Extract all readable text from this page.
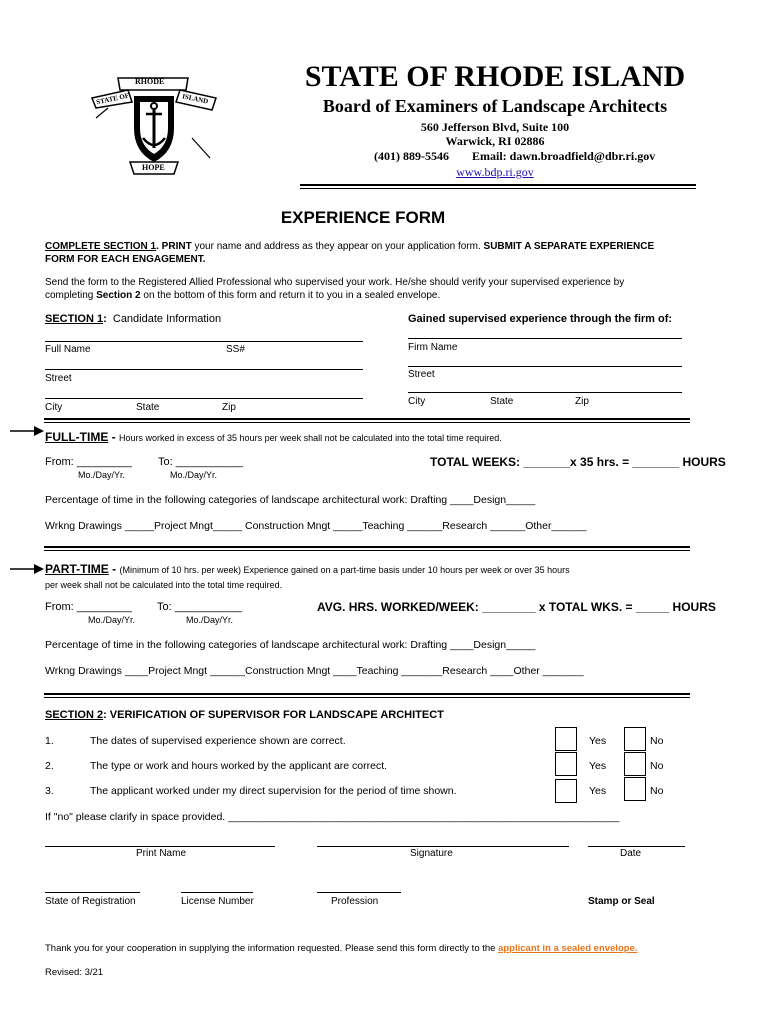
RHODE
STATE OF	ISLAND
HOPE
STATE OF RHODE ISLAND
Board of Examiners of Landscape Architects
560 Jefferson Blvd, Suite 100
Warwick, RI 02886
(401) 889-5546 Email: dawn.broadfield@dbr.ri.gov
www.bdp.ri.gov
EXPERIENCE FORM
COMPLETE SECTION 1. PRINT your name and address as they appear on your application form. SUBMIT A SEPARATE EXPERIENCE
FORM FOR EACH ENGAGEMENT.
Send the form to the Registered Allied Professional who supervised your work. He/she should verify your supervised experience by
completing Section 2 on the bottom of this form and return it to you in a sealed envelope.
SECTION 1: Candidate Information	Gained supervised experience through the firm of:
Full Name	SS#
Street
City	State	Zip
Firm Name
Street
City	State	Zip
FULL-TIME - Hours worked in excess of 35 hours per week shall not be calculated into the total time required.
From: _________ To: ___________
Mo./Day/Yr.	Mo./Day/Yr.
TOTAL WEEKS: _______x 35 hrs. = _______ HOURS
Percentage of time in the following categories of landscape architectural work: Drafting ____Design_____
Wrkng Drawings _____Project Mngt_____ Construction Mngt _____Teaching ______Research ______Other______
PART-TIME - (Minimum of 10 hrs. per week) Experience gained on a part-time basis under 10 hours per week or over 35 hours
per week shall not be calculated into the total time required.
From: _________ To: ___________
Mo./Day/Yr.	Mo./Day/Yr.
AVG. HRS. WORKED/WEEK: ________ x TOTAL WKS. = _____ HOURS
Percentage of time in the following categories of landscape architectural work: Drafting ____Design_____
Wrkng Drawings ____Project Mngt ______Construction Mngt ____Teaching _______Research ____Other _______
SECTION 2: VERIFICATION OF SUPERVISOR FOR LANDSCAPE ARCHITECT
1.	The dates of supervised experience shown are correct.	Yes	No
2.	The type or work and hours worked by the applicant are correct.	Yes	No
3.	The applicant worked under my direct supervision for the period of time shown.	Yes	No
If "no" please clarify in space provided. ___________________________________________________________________
Print Name	Signature	Date
State of Registration	License Number	Profession	Stamp or Seal
Thank you for your cooperation in supplying the information requested. Please send this form directly to the applicant in a sealed envelope.
Revised: 3/21
